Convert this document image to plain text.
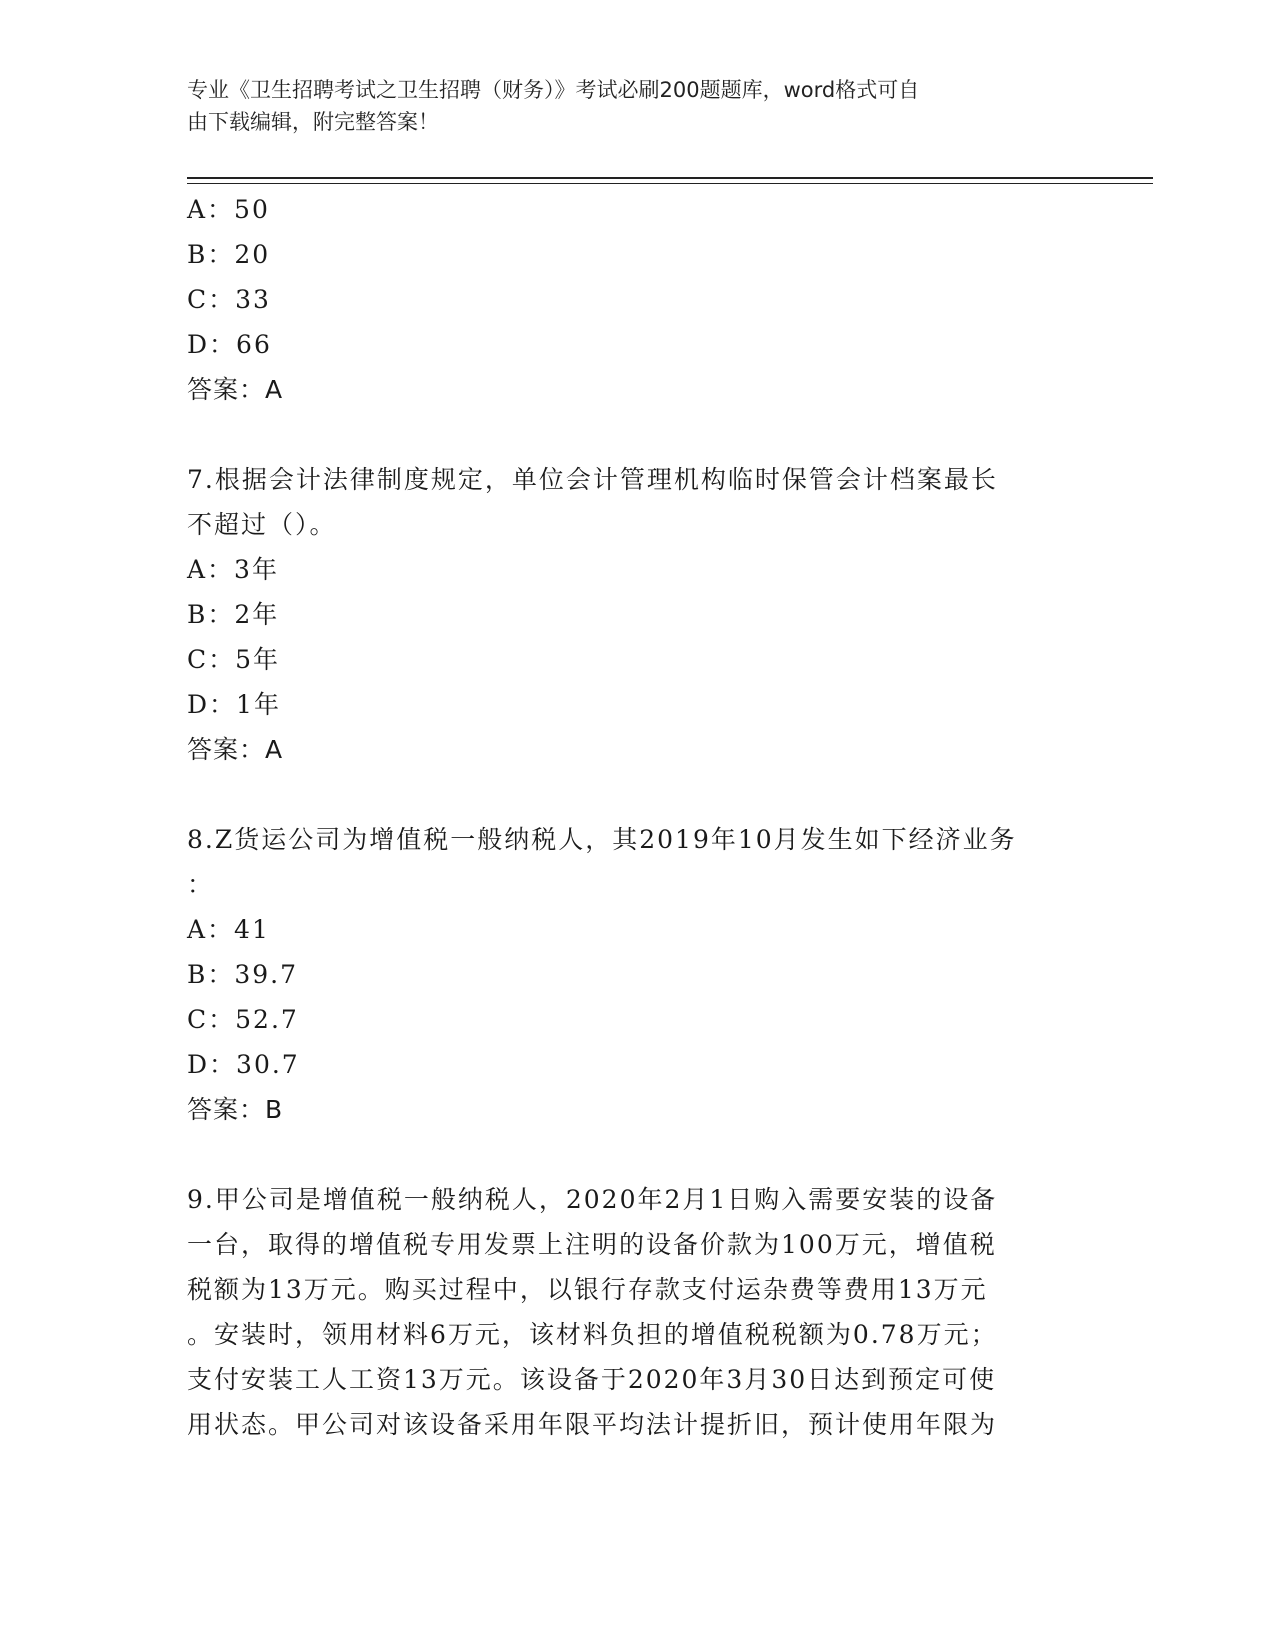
专业《卫生招聘考试之卫生招聘（财务）》考试必刷200题题库，word格式可自
由下载编辑，附完整答案！
A：50
B：20
C：33
D：66
答案：A
7.根据会计法律制度规定，单位会计管理机构临时保管会计档案最长
不超过（）。
A：3年
B：2年
C：5年
D：1年
答案：A
8.Z货运公司为增值税一般纳税人，其2019年10月发生如下经济业务
：
A：41
B：39.7
C：52.7
D：30.7
答案：B
9.甲公司是增值税一般纳税人，2020年2月1日购入需要安装的设备
一台，取得的增值税专用发票上注明的设备价款为100万元，增值税
税额为13万元。购买过程中，以银行存款支付运杂费等费用13万元
。安装时，领用材料6万元，该材料负担的增值税税额为0.78万元；
支付安装工人工资13万元。该设备于2020年3月30日达到预定可使
用状态。甲公司对该设备采用年限平均法计提折旧，预计使用年限为
